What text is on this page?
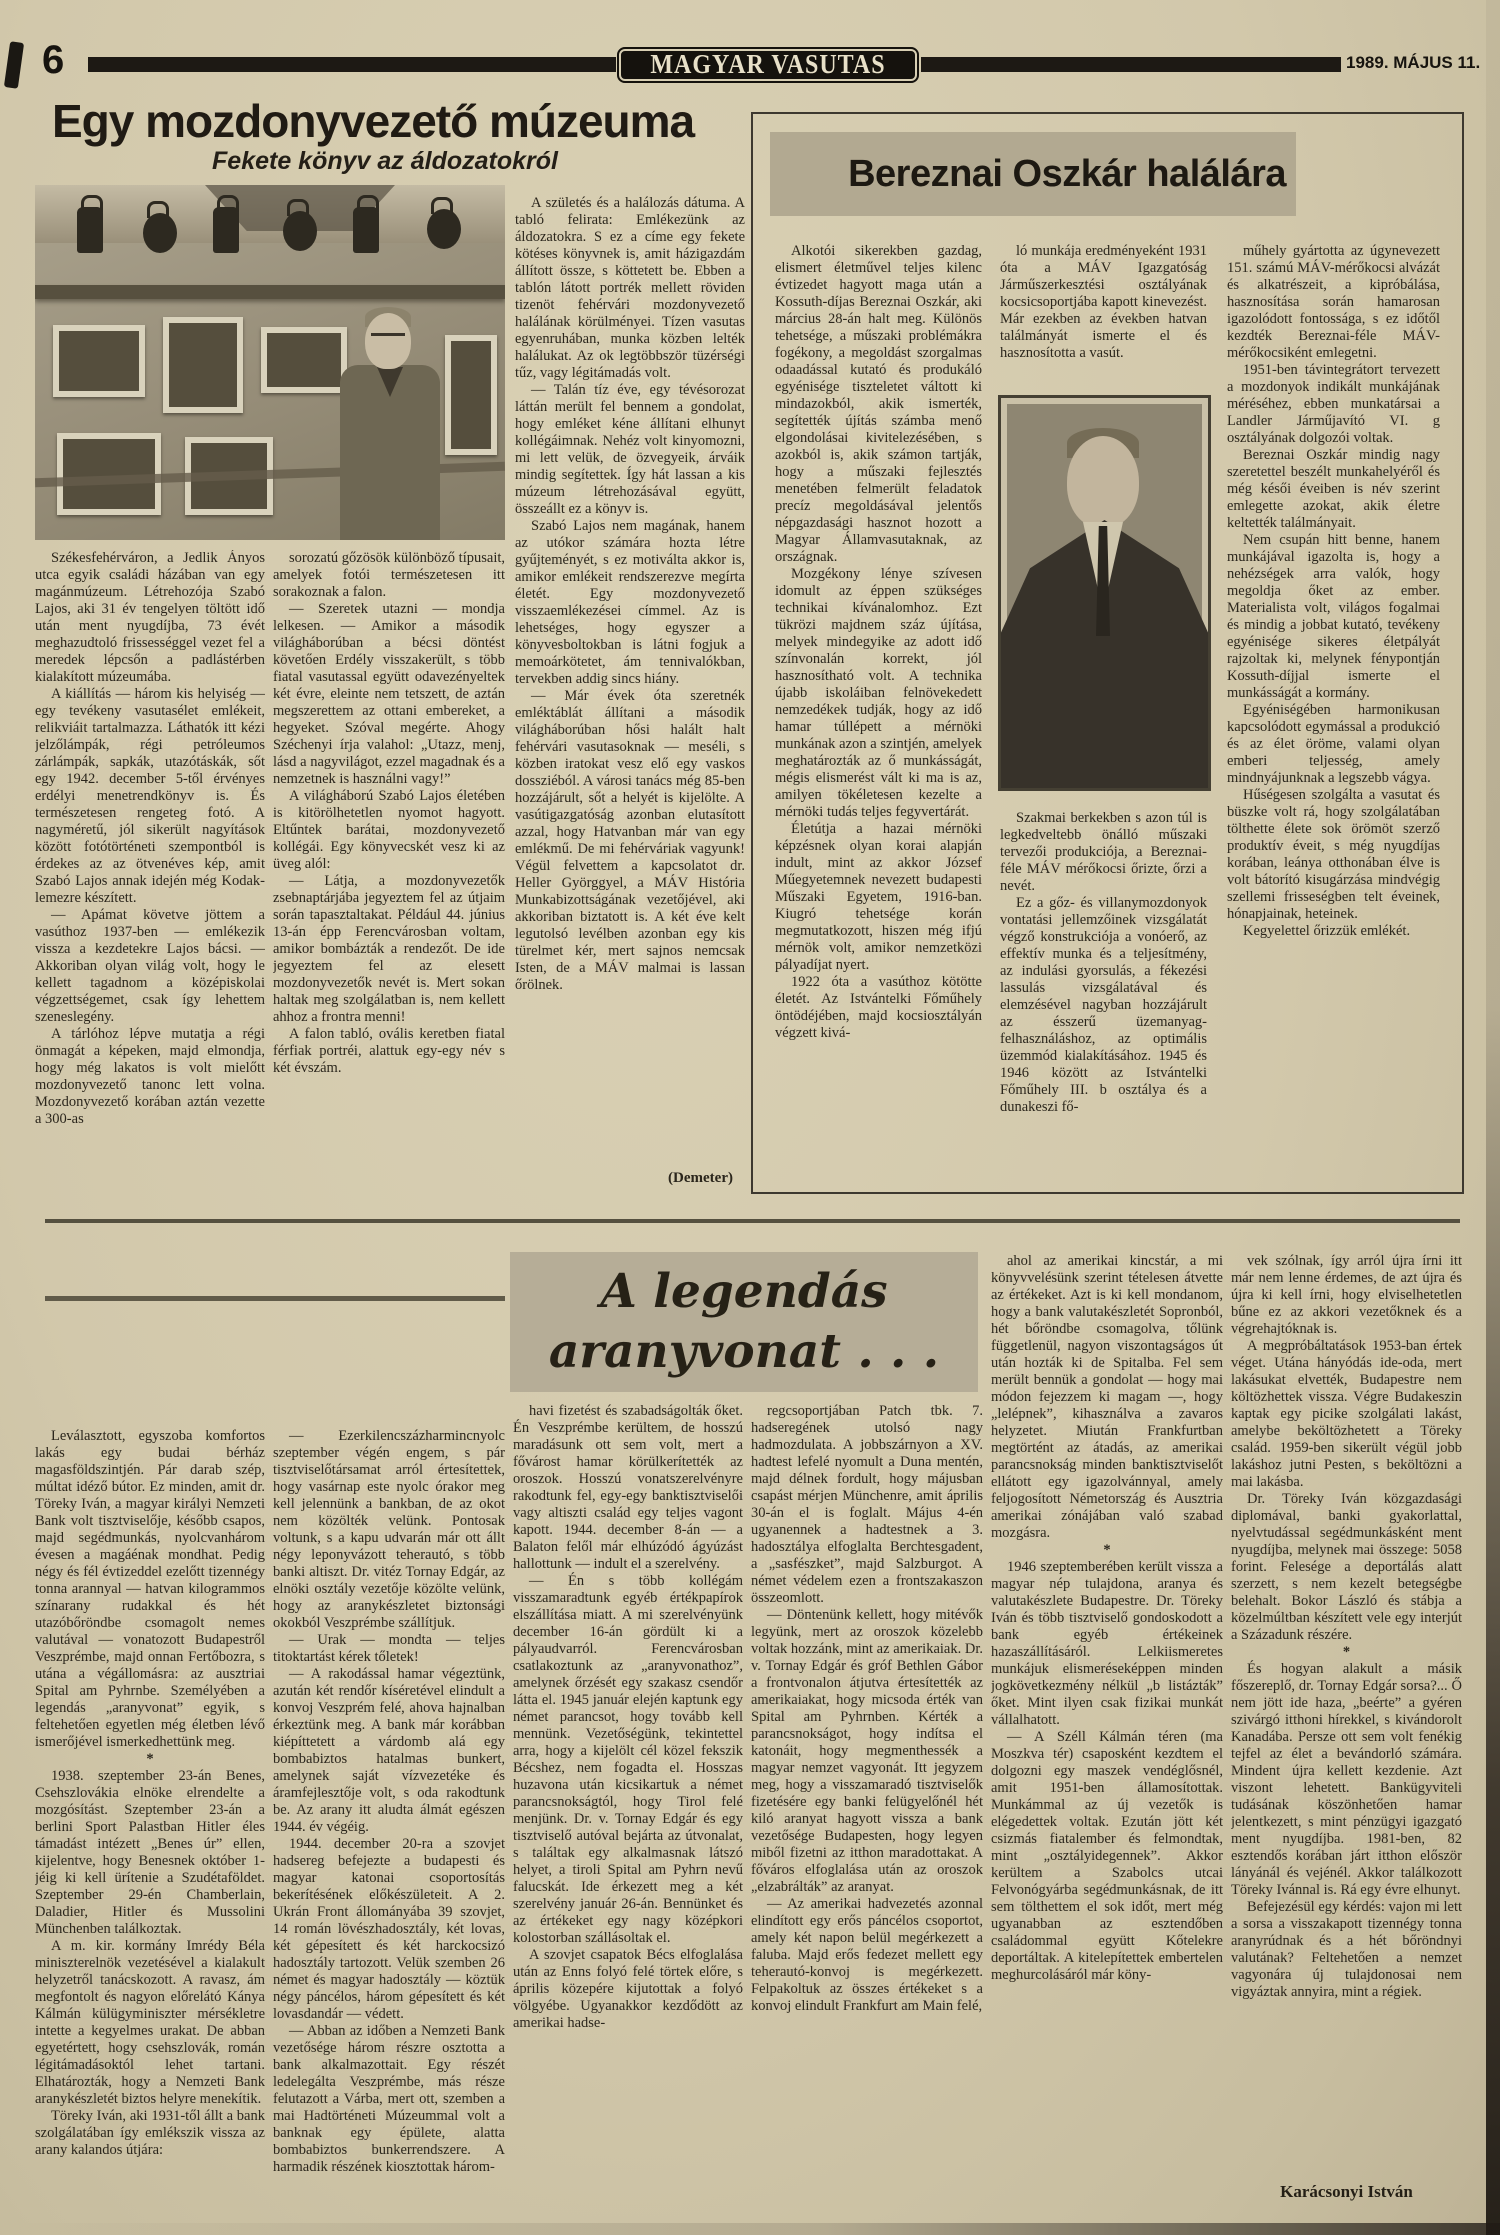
6	MAGYAR VASUTAS	1989. MÁJUS 11.
Egy mozdonyvezető múzeuma
Fekete könyv az áldozatokról

Székesfehérváron, a Jedlik Ányos utca egyik családi házában van egy magánmúzeum. Létrehozója Szabó Lajos, aki 31 év tengelyen töltött idő után ment nyugdíjba, 73 évét meghazudtoló frissességgel vezet fel a meredek lépcsőn a padlástérben kialakított múzeumába.

A kiállítás — három kis helyiség — egy tevékeny vasutasélet emlékeit, relikviáit tartalmazza. Láthatók itt kézi jelzőlámpák, régi petróleumos zárlámpák, sapkák, utazótáskák, sőt egy 1942. december 5-től érvényes erdélyi menetrendkönyv is. És természetesen rengeteg fotó. A nagyméretű, jól sikerült nagyítások között fotótörténeti szempontból is érdekes az az ötvenéves kép, amit Szabó Lajos annak idején még Kodak-lemezre készített.

— Apámat követve jöttem a vasúthoz 1937-ben — emlékezik vissza a kezdetekre Lajos bácsi. — Akkoriban olyan világ volt, hogy le kellett tagadnom a középiskolai végzettségemet, csak így lehettem szeneslegény.

A tárlóhoz lépve mutatja a régi önmagát a képeken, majd elmondja, hogy még lakatos is volt mielőtt mozdonyvezető tanonc lett volna. Mozdonyvezető korában aztán vezette a 300-as

sorozatú gőzösök különböző típusait, amelyek fotói természetesen itt sorakoznak a falon.

— Szeretek utazni — mondja lelkesen. — Amikor a második világháborúban a bécsi döntést követően Erdély visszakerült, s több fiatal vasutassal együtt odavezényeltek két évre, eleinte nem tetszett, de aztán megszerettem az ottani embereket, a hegyeket. Szóval megérte. Ahogy Széchenyi írja valahol: „Utazz, menj, lásd a nagyvilágot, ezzel magadnak és a nemzetnek is használni vagy!”

A világháború Szabó Lajos életében is kitörölhetetlen nyomot hagyott. Eltűntek barátai, mozdonyvezető kollégái. Egy könyvecskét vesz ki az üveg alól:

— Látja, a mozdonyvezetők zsebnaptárjába jegyeztem fel az útjaim során tapasztaltakat. Például 44. június 13-án épp Ferencvárosban voltam, amikor bombázták a rendezőt. De ide jegyeztem fel az elesett mozdonyvezetők nevét is. Mert sokan haltak meg szolgálatban is, nem kellett ahhoz a frontra menni!

A falon tabló, ovális keretben fiatal férfiak portréi, alattuk egy-egy név s két évszám.

A születés és a halálozás dátuma. A tabló felirata: Emlékezünk az áldozatokra. S ez a címe egy fekete kötéses könyvnek is, amit házigazdám állított össze, s köttetett be. Ebben a tablón látott portrék mellett röviden tizenöt fehérvári mozdonyvezető halálának körülményei. Tízen vasutas egyenruhában, munka közben lelték halálukat. Az ok legtöbbször tüzérségi tűz, vagy légitámadás volt.

— Talán tíz éve, egy tévésorozat láttán merült fel bennem a gondolat, hogy emléket kéne állítani elhunyt kollégáimnak. Nehéz volt kinyomozni, mi lett velük, de özvegyeik, árváik mindig segítettek. Így hát lassan a kis múzeum létrehozásával együtt, összeállt ez a könyv is.

Szabó Lajos nem magának, hanem az utókor számára hozta létre gyűjteményét, s ez motiválta akkor is, amikor emlékeit rendszerezve megírta életét. Egy mozdonyvezető visszaemlékezései címmel. Az is lehetséges, hogy egyszer a könyvesboltokban is látni fogjuk a memoárkötetet, ám tennivalókban, tervekben addig sincs hiány.

— Már évek óta szeretnék emléktáblát állítani a második világháborúban hősi halált halt fehérvári vasutasoknak — meséli, s közben iratokat vesz elő egy vaskos dossziéból. A városi tanács még 85-ben hozzájárult, sőt a helyét is kijelölte. A vasútigazgatóság azonban elutasított azzal, hogy Hatvanban már van egy emlékmű. De mi fehérváriak vagyunk! Végül felvettem a kapcsolatot dr. Heller Györggyel, a MÁV História Munkabizottságának vezetőjével, aki akkoriban biztatott is. A két éve kelt legutolsó levélben azonban egy kis türelmet kér, mert sajnos nemcsak Isten, de a MÁV malmai is lassan őrölnek.

(Demeter)
Bereznai Oszkár halálára

Alkotói sikerekben gazdag, elismert életművel teljes kilenc évtizedet hagyott maga után a Kossuth-díjas Bereznai Oszkár, aki március 28-án halt meg. Különös tehetsége, a műszaki problémákra fogékony, a megoldást szorgalmas odaadással kutató és produkáló egyénisége tiszteletet váltott ki mindazokból, akik ismerték, segítették újítás számba menő elgondolásai kivitelezésében, s azokból is, akik számon tartják, hogy a műszaki fejlesztés menetében felmerült feladatok precíz megoldásával jelentős népgazdasági hasznot hozott a Magyar Államvasutaknak, az országnak.

Mozgékony lénye szívesen idomult az éppen szükséges technikai kívánalomhoz. Ezt tükrözi majdnem száz újítása, melyek mindegyike az adott idő színvonalán korrekt, jól hasznosítható volt. A technika újabb iskoláiban felnövekedett nemzedékek tudják, hogy az idő hamar túllépett a mérnöki munkának azon a szintjén, amelyek meghatározták az ő munkásságát, mégis elismerést vált ki ma is az, amilyen tökéletesen kezelte a mérnöki tudás teljes fegyvertárát.

Életútja a hazai mérnöki képzésnek olyan korai alapján indult, mint az akkor József Műegyetemnek nevezett budapesti Műszaki Egyetem, 1916-ban. Kiugró tehetsége korán megmutatkozott, hiszen még ifjú mérnök volt, amikor nemzetközi pályadíjat nyert.

1922 óta a vasúthoz kötötte életét. Az Istvántelki Főműhely öntödéjében, majd kocsiosztályán végzett kivá-

ló munkája eredményeként 1931 óta a MÁV Igazgatóság Járműszerkesztési osztályának kocsicsoportjába kapott kinevezést. Már ezekben az években hatvan találmányát ismerte el és hasznosította a vasút.

Szakmai berkekben s azon túl is legkedveltebb önálló műszaki tervezői produkciója, a Bereznai-féle MÁV mérőkocsi őrizte, őrzi a nevét.

Ez a gőz- és villanymozdonyok vontatási jellemzőinek vizsgálatát végző konstrukciója a vonóerő, az effektív munka és a teljesítmény, az indulási gyorsulás, a fékezési lassulás vizsgálatával és elemzésével nagyban hozzájárult az ésszerű üzemanyag-felhasználáshoz, az optimális üzemmód kialakításához. 1945 és 1946 között az Istvántelki Főműhely III. b osztálya és a dunakeszi fő-

műhely gyártotta az úgynevezett 151. számú MÁV-mérőkocsi alvázát és alkatrészeit, a kipróbálása, hasznosítása során hamarosan igazolódott fontossága, s ez időtől kezdték Bereznai-féle MÁV-mérőkocsiként emlegetni.

1951-ben távintegrátort tervezett a mozdonyok indikált munkájának méréséhez, ebben munkatársai a Landler Járműjavító VI. g osztályának dolgozói voltak.

Bereznai Oszkár mindig nagy szeretettel beszélt munkahelyéről és még késői éveiben is név szerint emlegette azokat, akik életre keltették találmányait.

Nem csupán hitt benne, hanem munkájával igazolta is, hogy a nehézségek arra valók, hogy megoldja őket az ember. Materialista volt, világos fogalmai és mindig a jobbat kutató, tevékeny egyénisége sikeres életpályát rajzoltak ki, melynek fénypontján Kossuth-díjjal ismerte el munkásságát a kormány.

Egyéniségében harmonikusan kapcsolódott egymással a produkció és az élet öröme, valami olyan emberi teljesség, amely mindnyájunknak a legszebb vágya.

Hűségesen szolgálta a vasutat és büszke volt rá, hogy szolgálatában tölthette élete sok örömöt szerző produktív éveit, s még nyugdíjas korában, leánya otthonában élve is volt bátorító kisugárzása mindvégig szellemi frisseségben telt éveinek, hónapjainak, heteinek.

Kegyelettel őrizzük emlékét.

A legendás
aranyvonat . . .

Leválasztott, egyszoba komfortos lakás egy budai bérház magasföldszintjén. Pár darab szép, múltat idéző bútor. Ez minden, amit dr. Töreky Iván, a magyar királyi Nemzeti Bank volt tisztviselője, később csapos, majd segédmunkás, nyolcvanhárom évesen a magáénak mondhat. Pedig négy és fél évtizeddel ezelőtt tizennégy tonna arannyal — hatvan kilogrammos színarany rudakkal és hét utazóbőröndbe csomagolt nemes valutával — vonatozott Budapestről Veszprémbe, majd onnan Fertőbozra, s utána a végállomásra: az ausztriai Spital am Pyhrnbe. Személyében a legendás „aranyvonat” egyik, s feltehetően egyetlen még életben lévő ismerőjével ismerkedhettünk meg.

*

1938. szeptember 23-án Benes, Csehszlovákia elnöke elrendelte a mozgósítást. Szeptember 23-án a berlini Sport Palastban Hitler éles támadást intézett „Benes úr” ellen, kijelentve, hogy Benesnek október 1-jéig ki kell ürítenie a Szudétaföldet. Szeptember 29-én Chamberlain, Daladier, Hitler és Mussolini Münchenben találkoztak.

A m. kir. kormány Imrédy Béla miniszterelnök vezetésével a kialakult helyzetről tanácskozott. A ravasz, ám megfontolt és nagyon előrelátó Kánya Kálmán külügyminiszter mérsékletre intette a kegyelmes urakat. De abban egyetértett, hogy csehszlovák, román légitámadásoktól lehet tartani. Elhatározták, hogy a Nemzeti Bank aranykészletét biztos helyre menekítik.

Töreky Iván, aki 1931-től állt a bank szolgálatában így emlékszik vissza az arany kalandos útjára:

— Ezerkilencszázharmincnyolc szeptember végén engem, s pár tisztviselőtársamat arról értesítettek, hogy vasárnap este nyolc órakor meg kell jelennünk a bankban, de az okot nem közölték velünk. Pontosak voltunk, s a kapu udvarán már ott állt négy leponyvázott teherautó, s több banki altiszt. Dr. vitéz Tornay Edgár, az elnöki osztály vezetője közölte velünk, hogy az aranykészletet biztonsági okokból Veszprémbe szállítjuk.

— Urak — mondta — teljes titoktartást kérek tőletek!

— A rakodással hamar végeztünk, azután két rendőr kíséretével elindult a konvoj Veszprém felé, ahova hajnalban érkeztünk meg. A bank már korábban kiépíttetett a várdomb alá egy bombabiztos hatalmas bunkert, amelynek saját vízvezetéke és áramfejlesztője volt, s oda rakodtunk be. Az arany itt aludta álmát egészen 1944. év végéig.

1944. december 20-ra a szovjet hadsereg befejezte a budapesti és magyar katonai csoportosítás bekerítésének előkészületeit. A 2. Ukrán Front állományába 39 szovjet, 14 román lövészhadosztály, két lovas, két gépesített és két harckocsizó hadosztály tartozott. Velük szemben 26 német és magyar hadosztály — köztük négy páncélos, három gépesített és két lovasdandár — védett.

— Abban az időben a Nemzeti Bank vezetősége három részre osztotta a bank alkalmazottait. Egy részét ledelegálta Veszprémbe, más része felutazott a Várba, mert ott, szemben a mai Hadtörténeti Múzeummal volt a banknak egy épülete, alatta bombabiztos bunkerrendszere. A harmadik részének kiosztottak három-

havi fizetést és szabadságolták őket. Én Veszprémbe kerültem, de hosszú maradásunk ott sem volt, mert a fővárost hamar körülkerítették az oroszok. Hosszú vonatszerelvényre rakodtunk fel, egy-egy banktisztviselői vagy altiszti család egy teljes vagont kapott. 1944. december 8-án — a Balaton felől már elhúzódó ágyúzást hallottunk — indult el a szerelvény.

— Én s több kollégám visszamaradtunk egyéb értékpapírok elszállítása miatt. A mi szerelvényünk december 16-án gördült ki a pályaudvarról. Ferencvárosban csatlakoztunk az „aranyvonathoz”, amelynek őrzését egy szakasz csendőr látta el. 1945 január elején kaptunk egy német parancsot, hogy tovább kell mennünk. Vezetőségünk, tekintettel arra, hogy a kijelölt cél közel fekszik Bécshez, nem fogadta el. Hosszas huzavona után kicsikartuk a német parancsnokságtól, hogy Tirol felé menjünk. Dr. v. Tornay Edgár és egy tisztviselő autóval bejárta az útvonalat, s találtak egy alkalmasnak látszó helyet, a tiroli Spital am Pyhrn nevű falucskát. Ide érkezett meg a két szerelvény január 26-án. Bennünket és az értékeket egy nagy középkori kolostorban szállásoltak el.

A szovjet csapatok Bécs elfoglalása után az Enns folyó felé törtek előre, s április közepére kijutottak a folyó völgyébe. Ugyanakkor kezdődött az amerikai hadse-

regcsoportjában Patch tbk. 7. hadseregének utolsó nagy hadmozdulata. A jobbszárnyon a XV. hadtest lefelé nyomult a Duna mentén, majd délnek fordult, hogy májusban csapást mérjen Münchenre, amit április 30-án el is foglalt. Május 4-én ugyanennek a hadtestnek a 3. hadosztálya elfoglalta Berchtesgadent, a „sasfészket”, majd Salzburgot. A német védelem ezen a frontszakaszon összeomlott.

— Döntenünk kellett, hogy mitévők legyünk, mert az oroszok közelebb voltak hozzánk, mint az amerikaiak. Dr. v. Tornay Edgár és gróf Bethlen Gábor a frontvonalon átjutva értesítették az amerikaiakat, hogy micsoda érték van Spital am Pyhrnben. Kérték a parancsnokságot, hogy indítsa el katonáit, hogy megmenthessék a magyar nemzet vagyonát. Itt jegyzem meg, hogy a visszamaradó tisztviselők fizetésére egy banki felügyelőnél hét kiló aranyat hagyott vissza a bank vezetősége Budapesten, hogy legyen miből fizetni az itthon maradottakat. A főváros elfoglalása után az oroszok „elzabrálták” az aranyat.

— Az amerikai hadvezetés azonnal elindított egy erős páncélos csoportot, amely két napon belül megérkezett a faluba. Majd erős fedezet mellett egy teherautó-konvoj is megérkezett. Felpakoltuk az összes értékeket s a konvoj elindult Frankfurt am Main felé,

ahol az amerikai kincstár, a mi könyvvelésünk szerint tételesen átvette az értékeket. Azt is ki kell mondanom, hogy a bank valutakészletét Sopronból, hét bőröndbe csomagolva, tőlünk függetlenül, nagyon viszontagságos út után hozták ki de Spitalba. Fel sem merült bennük a gondolat — hogy mai módon fejezzem ki magam —, hogy „lelépnek”, kihasználva a zavaros helyzetet. Miután Frankfurtban megtörtént az átadás, az amerikai parancsnokság minden banktisztviselőt ellátott egy igazolvánnyal, amely feljogosított Németország és Ausztria amerikai zónájában való szabad mozgásra.

*

1946 szeptemberében került vissza a magyar nép tulajdona, aranya és valutakészlete Budapestre. Dr. Töreky Iván és több tisztviselő gondoskodott a bank egyéb értékeinek hazaszállításáról. Lelkiismeretes munkájuk elismeréseképpen minden jogkövetkezmény nélkül „b listázták” őket. Mint ilyen csak fizikai munkát vállalhatott.

— A Széll Kálmán téren (ma Moszkva tér) csaposként kezdtem el dolgozni egy maszek vendéglősnél, amit 1951-ben államosítottak. Munkámmal az új vezetők is elégedettek voltak. Ezután jött két csizmás fiatalember és felmondtak, mint „osztályidegennek”. Akkor kerültem a Szabolcs utcai Felvonógyárba segédmunkásnak, de itt sem tölthettem el sok időt, mert még ugyanabban az esztendőben családommal együtt Kőtelekre deportáltak. A kitelepítettek embertelen meghurcolásáról már köny-

vek szólnak, így arról újra írni itt már nem lenne érdemes, de azt újra és újra ki kell írni, hogy elviselhetetlen bűne ez az akkori vezetőknek és a végrehajtóknak is.

A megpróbáltatások 1953-ban értek véget. Utána hányódás ide-oda, mert lakásukat elvették, Budapestre nem költözhettek vissza. Végre Budakeszin kaptak egy picike szolgálati lakást, amelybe beköltözhetett a Töreky család. 1959-ben sikerült végül jobb lakáshoz jutni Pesten, s beköltözni a mai lakásba.

Dr. Töreky Iván közgazdasági diplomával, banki gyakorlattal, nyelvtudással segédmunkásként ment nyugdíjba, melynek mai összege: 5058 forint. Felesége a deportálás alatt szerzett, s nem kezelt betegségbe belehalt. Bokor László és stábja a közelmúltban készített vele egy interjút a Századunk részére.

*

És hogyan alakult a másik főszereplő, dr. Tornay Edgár sorsa?... Ő nem jött ide haza, „beérte” a gyéren szivárgó itthoni hírekkel, s kivándorolt Kanadába. Persze ott sem volt fenékig tejfel az élet a bevándorló számára. Mindent újra kellett kezdenie. Azt viszont lehetett. Bankügyviteli tudásának köszönhetően hamar jelentkezett, s mint pénzügyi igazgató ment nyugdíjba. 1981-ben, 82 esztendős korában járt itthon először lányánál és vejénél. Akkor találkozott Töreky Ivánnal is. Rá egy évre elhunyt.

Befejezésül egy kérdés: vajon mi lett a sorsa a visszakapott tizennégy tonna aranyrúdnak és a hét bőröndnyi valutának? Feltehetően a nemzet vagyonára új tulajdonosai nem vigyáztak annyira, mint a régiek.

Karácsonyi István
